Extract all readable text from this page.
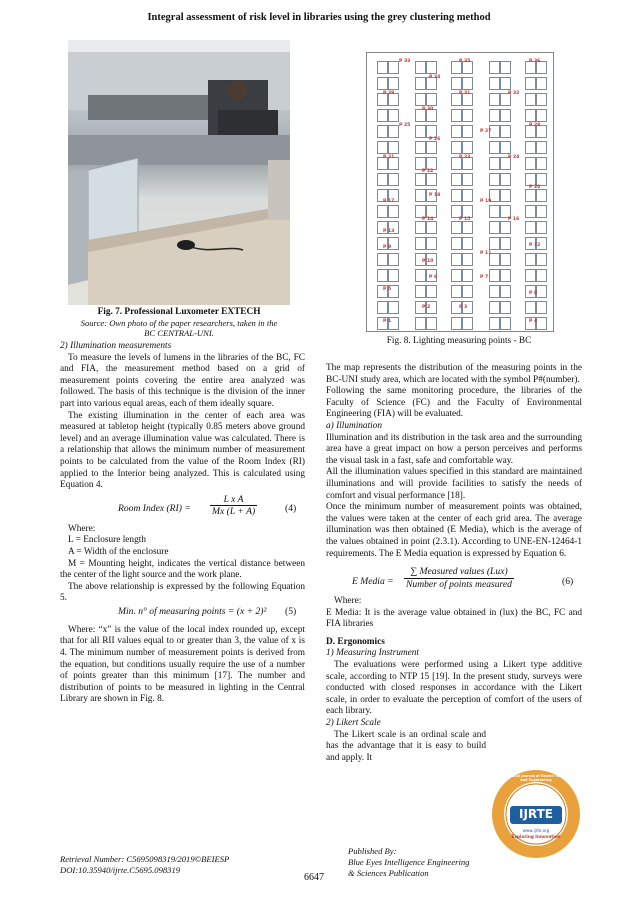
Integral assessment of risk level in libraries using the grey clustering method
Fig. 7. Professional Luxometer EXTECH
Source: Own photo of the paper researchers, taken in the BC CENTRAL-UNI.
P 33
P 34
P 35	P 36
P 29
P 30
P 31	P 32
P 25
P 26
P 27
P 28
P 21
P 22
P 23	P 24
P 18
P 20
P 17	P 19
P 13
P 14	P 15	P 16
P 9
P 10
P 11
P 12
P 6	P 7
P 5
P 8
P 2	P 3
P 1	P 4
Fig. 8. Lighting measuring points - BC

2) Illumination measurements

To measure the levels of lumens in the libraries of the BC, FC and FIA, the measurement method based on a grid of measurement points covering the entire area analyzed was followed. The basis of this technique is the division of the inner part into various equal areas, each of them ideally square.

The existing illumination in the center of each area was measured at tabletop height (typically 0.85 meters above ground level) and an average illumination value was calculated. There is a relationship that allows the minimum number of measurement points to be calculated from the value of the Room Index (RI) applied to the Interior being analyzed. This is calculated using Equation 4.

Room Index $(RI) = \frac{\text{L x A}}{Mx (L + A)}$	(4)

Where:

L = Enclosure length

A = Width of the enclosure

M = Mounting height, indicates the vertical distance between the center of the light source and the work plane.

The above relationship is expressed by the following Equation 5.

Min. n° of measuring points = (x + 2)² (5)

Where: “x” is the value of the local index rounded up, except that for all RII values equal to or greater than 3, the value of x is 4. The minimum number of measurement points is derived from the equation, but conditions usually require the use of a number of points greater than this minimum [17]. The number and distribution of points to be measured in lighting in the Central Library are shown in Fig. 8.

The map represents the distribution of the measuring points in the BC-UNI study area, which are located with the symbol P#(number).

Following the same monitoring procedure, the libraries of the Faculty of Science (FC) and the Faculty of Environmental Engineering (FIA) will be evaluated.

a) Illumination

Illumination and its distribution in the task area and the surrounding area have a great impact on how a person perceives and performs the visual task in a fast, safe and comfortable way.

All the illumination values specified in this standard are maintained illuminations and will provide facilities to satisfy the needs of comfort and visual performance [18].

Once the minimum number of measurement points was obtained, the values were taken at the center of each grid area. The average illumination was then obtained (E Media), which is the average of the values obtained in point (2.3.1). According to UNE-EN-12464-1 requirements. The E Media equation is expressed by Equation 6.

E Media =
∑ Measured values (Lux)
Number of points measured	(6)

Where:

E Media: It is the average value obtained in (lux) the BC, FC and FIA libraries

D. Ergonomics

1) Measuring Instrument

The evaluations were performed using a Likert type additive scale, according to NTP 15 [19]. In the present study, surveys were conducted with closed responses in accordance with the Likert scale, in order to evaluate the perception of comfort of the users of each library.

2) Likert Scale

The Likert scale is an ordinal scale and has the advantage that it is easy to build and apply. It

IJRTE
International Journal of Recent Technology and Engineering
www.ijrte.org
Exploring Innovation
Retrieval Number: C5695098319/2019©BEIESP
DOI:10.35940/ijrte.C5695.098319
6647
Published By:
Blue Eyes Intelligence Engineering
& Sciences Publication
